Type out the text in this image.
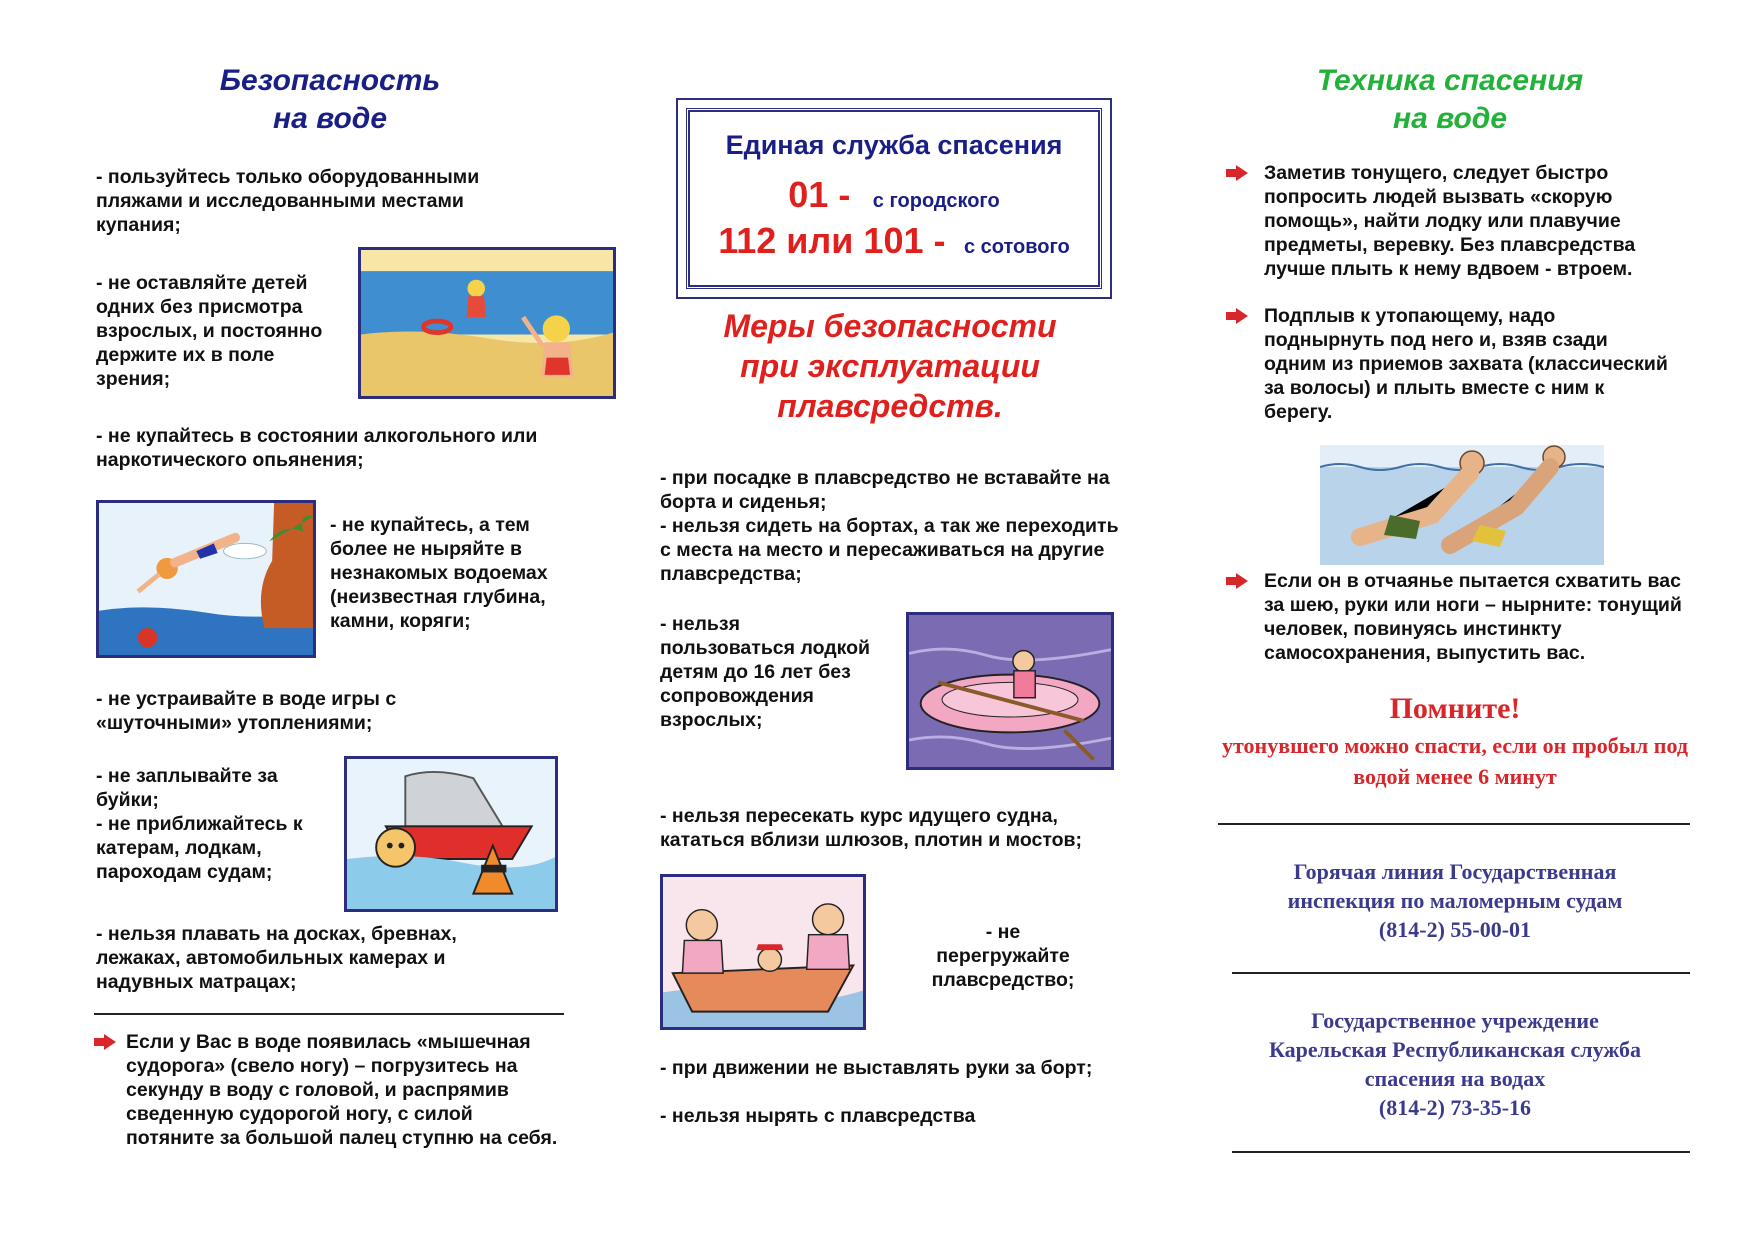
Безопасность
на воде
- пользуйтесь только оборудованными пляжами и исследованными местами купания;
- не оставляйте детей одних без присмотра взрослых, и постоянно держите их в поле зрения;
- не купайтесь в состоянии алкогольного или наркотического опьянения;
- не купайтесь, а тем более не ныряйте в незнакомых водоемах (неизвестная глубина, камни, коряги;
- не устраивайте в воде игры с «шуточными» утоплениями;
- не заплывайте за буйки;
- не приближайтесь к катерам, лодкам, пароходам судам;
- нельзя плавать на досках, бревнах, лежаках, автомобильных камерах и надувных матрацах;
Если у Вас в воде появилась «мышечная судорога» (свело ногу) – погрузитесь на секунду в воду с головой, и распрямив сведенную судорогой ногу, с силой потяните за большой палец ступню на себя.
Единая служба спасения
01 - с городского
112 или 101 - с сотового
Меры безопасности
при эксплуатации
плавсредств.
- при посадке в плавсредство не вставайте на борта и сиденья;
- нельзя сидеть на бортах, а так же переходить с места на место и пересаживаться на другие плавсредства;
- нельзя пользоваться лодкой детям до 16 лет без сопровождения взрослых;
- нельзя пересекать курс идущего судна, кататься вблизи шлюзов, плотин и мостов;
- не перегружайте плавсредство;
- при движении не выставлять руки за борт;
- нельзя нырять с плавсредства
Техника спасения
на воде
Заметив тонущего, следует быстро попросить людей вызвать «скорую помощь», найти лодку или плавучие предметы, веревку. Без плавсредства лучше плыть к нему вдвоем - втроем.
Подплыв к утопающему, надо поднырнуть под него и, взяв сзади одним из приемов захвата (классический за волосы) и плыть вместе с ним к берегу.
Если он в отчаянье пытается схватить вас за шею, руки или ноги – нырните: тонущий человек, повинуясь инстинкту самосохранения, выпустить вас.
Помните!
утонувшего можно спасти, если он пробыл под водой менее 6 минут
Горячая линия Государственная
инспекция по маломерным судам
(814-2) 55-00-01
Государственное учреждение
Карельская Республиканская служба
спасения на водах
(814-2) 73-35-16
